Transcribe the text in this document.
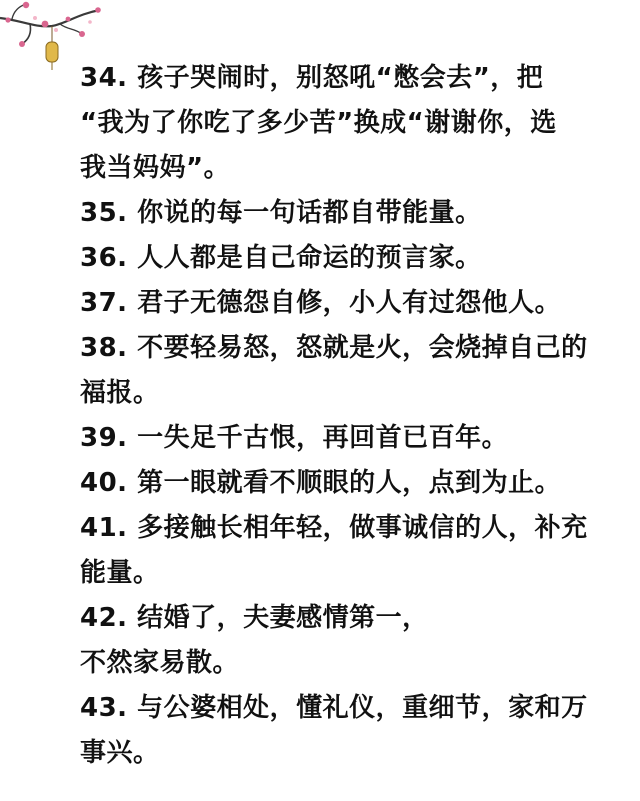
34. 孩子哭闹时，别怒吼“憋会去”，把
“我为了你吃了多少苦”换成“谢谢你，选
我当妈妈”。
35. 你说的每一句话都自带能量。
36. 人人都是自己命运的预言家。
37. 君子无德怨自修，小人有过怨他人。
38. 不要轻易怒，怒就是火，会烧掉自己的
福报。
39. 一失足千古恨，再回首已百年。
40. 第一眼就看不顺眼的人，点到为止。
41. 多接触长相年轻，做事诚信的人，补充
能量。
42. 结婚了，夫妻感情第一，
不然家易散。
43. 与公婆相处，懂礼仪，重细节，家和万
事兴。
